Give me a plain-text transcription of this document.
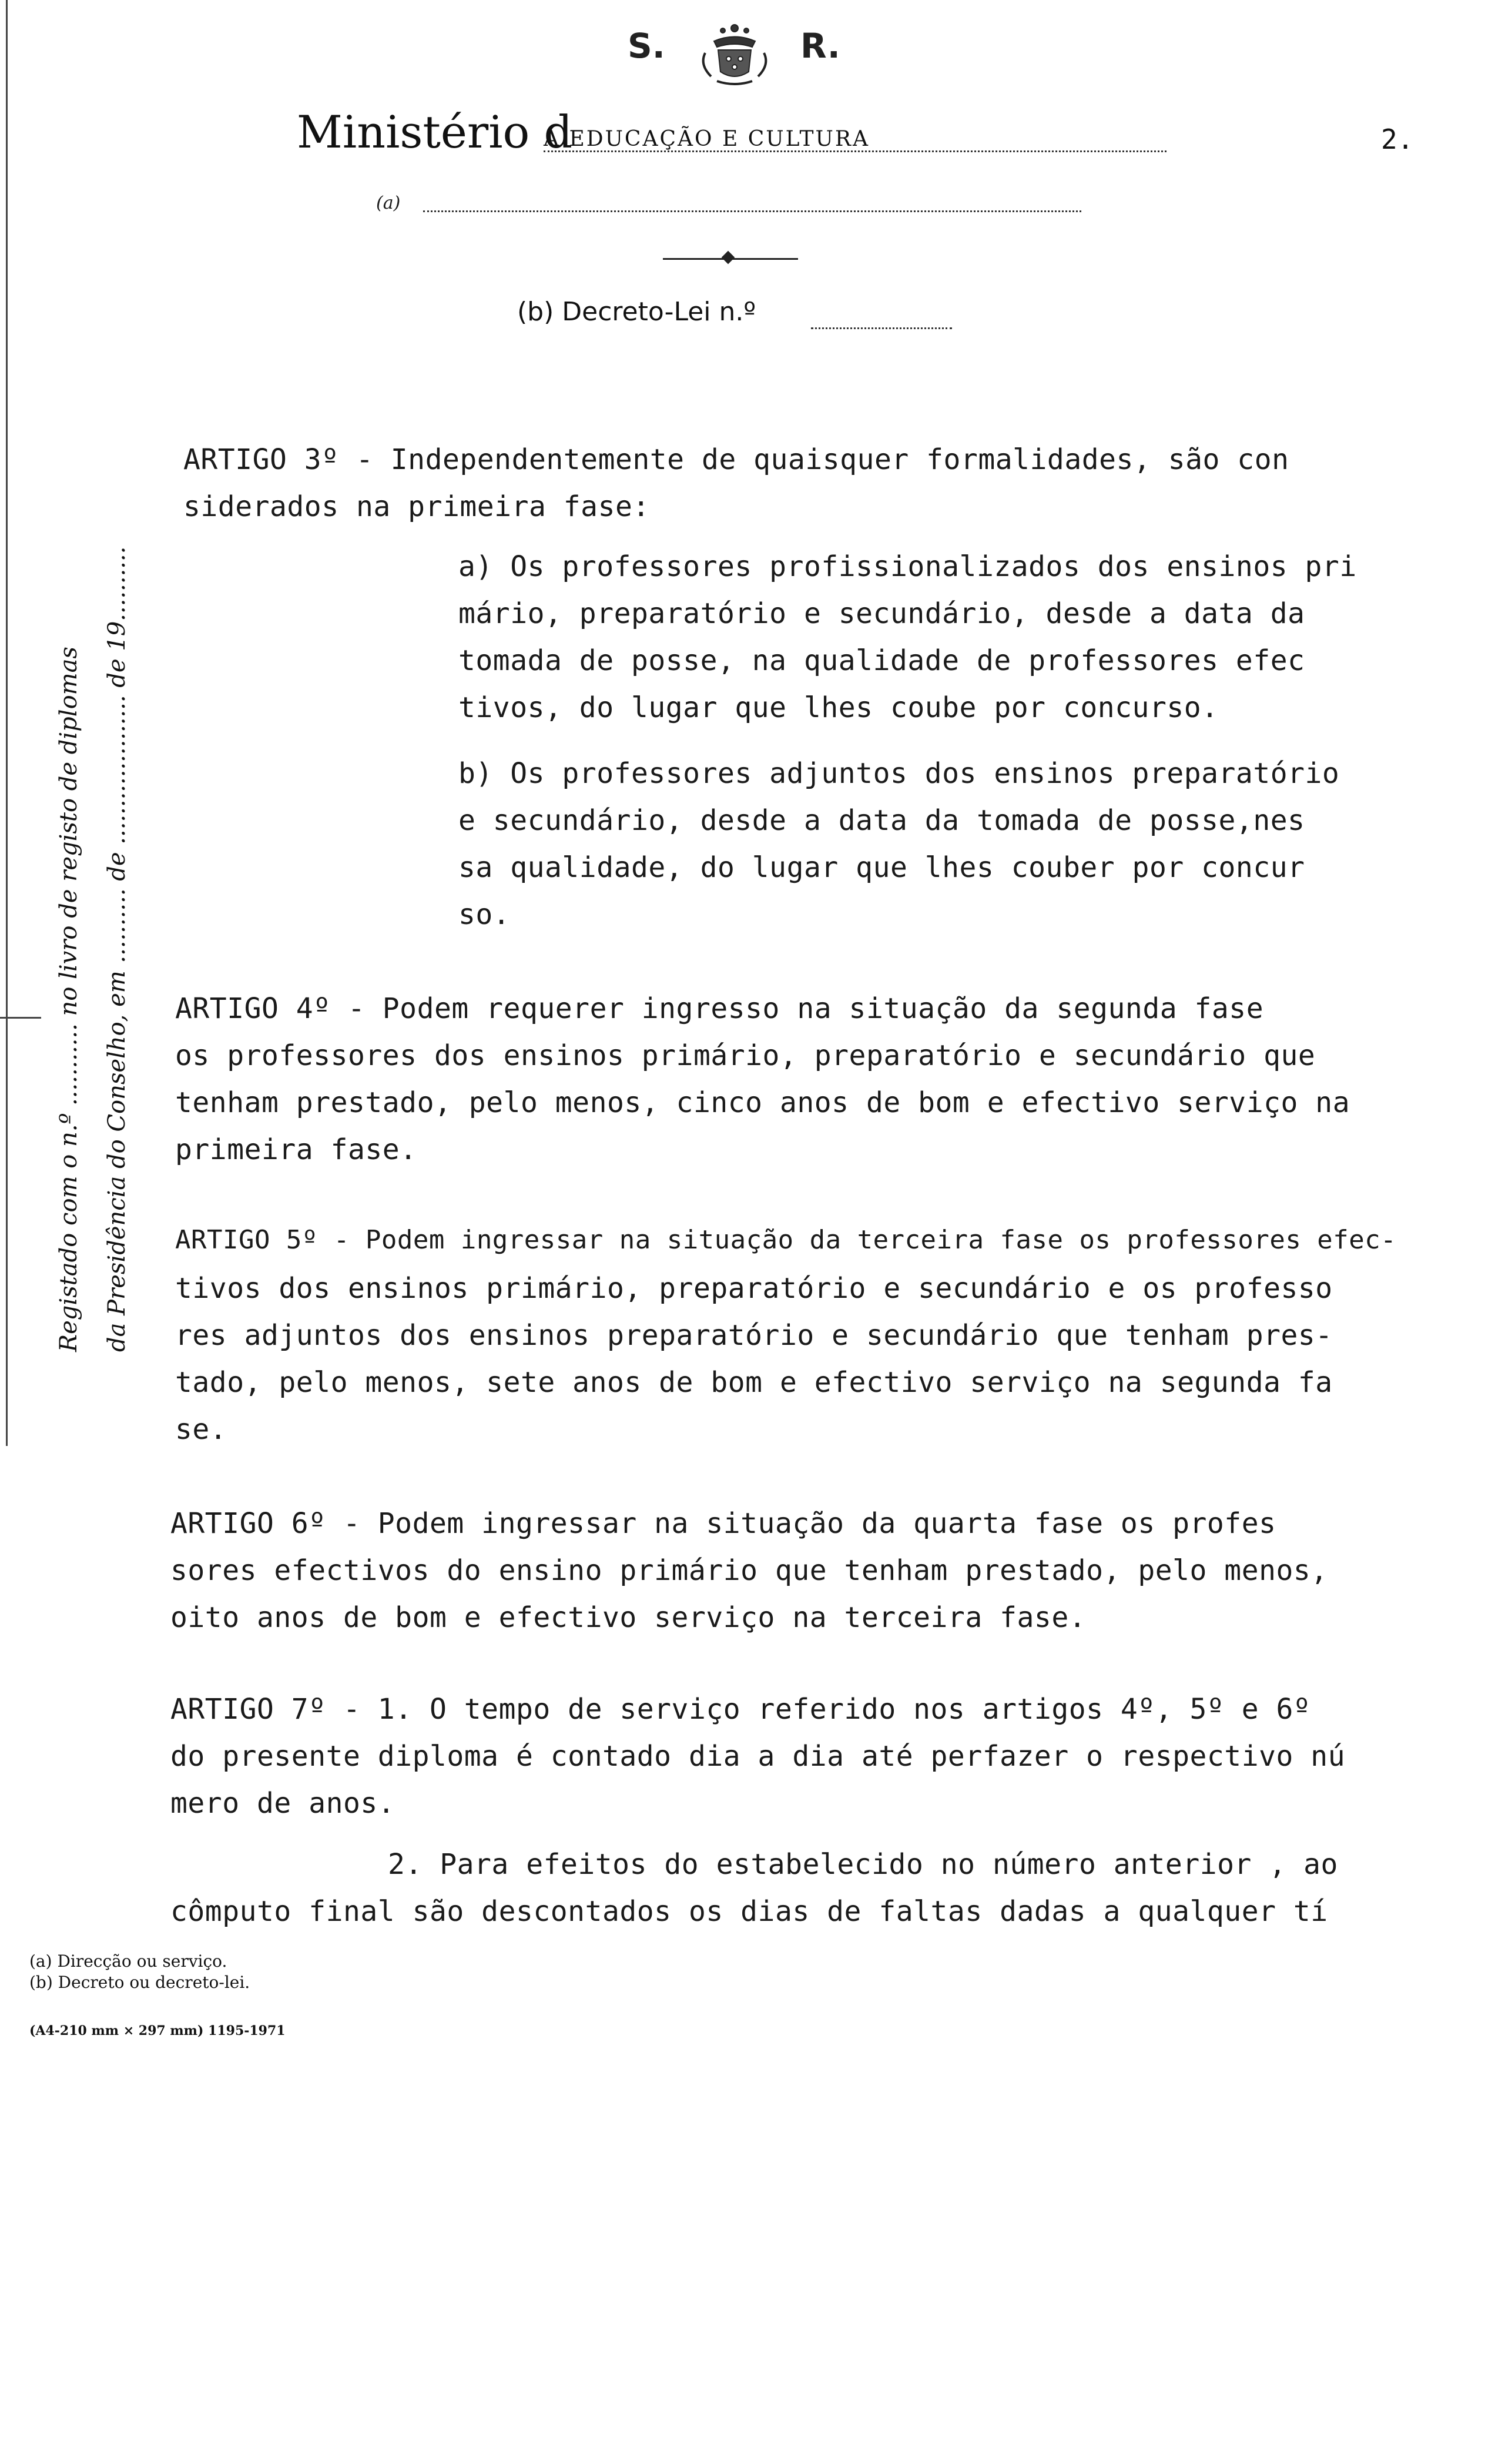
Registado com o n.º ........... no livro de registo de diplomas da Presidência do Conselho, em .......... de .................... de 19..........
S.	R.
Ministério d
A EDUCAÇÃO E CULTURA	2.
(a)
(b) Decreto-Lei n.º
ARTIGO 3º - Independentemente de quaisquer formalidades, são con
siderados na primeira fase:
a) Os professores profissionalizados dos ensinos pri
mário, preparatório e secundário, desde a data da
tomada de posse, na qualidade de professores efec
tivos, do lugar que lhes coube por concurso.
b) Os professores adjuntos dos ensinos preparatório
e secundário, desde a data da tomada de posse,nes
sa qualidade, do lugar que lhes couber por concur
so.
ARTIGO 4º - Podem requerer ingresso na situação da segunda fase
os professores dos ensinos primário, preparatório e secundário que
tenham prestado, pelo menos, cinco anos de bom e efectivo serviço na
primeira fase.
ARTIGO 5º - Podem ingressar na situação da terceira fase os professores efec-
tivos dos ensinos primário, preparatório e secundário e os professo
res adjuntos dos ensinos preparatório e secundário que tenham pres-
tado, pelo menos, sete anos de bom e efectivo serviço na segunda fa
se.
ARTIGO 6º - Podem ingressar na situação da quarta fase os profes
sores efectivos do ensino primário que tenham prestado, pelo menos,
oito anos de bom e efectivo serviço na terceira fase.
ARTIGO 7º - 1. O tempo de serviço referido nos artigos 4º, 5º e 6º
do presente diploma é contado dia a dia até perfazer o respectivo nú
mero de anos.
2. Para efeitos do estabelecido no número anterior , ao
cômputo final são descontados os dias de faltas dadas a qualquer tí
(a) Direcção ou serviço.
(b) Decreto ou decreto-lei.
(A4-210 mm × 297 mm) 1195-1971
